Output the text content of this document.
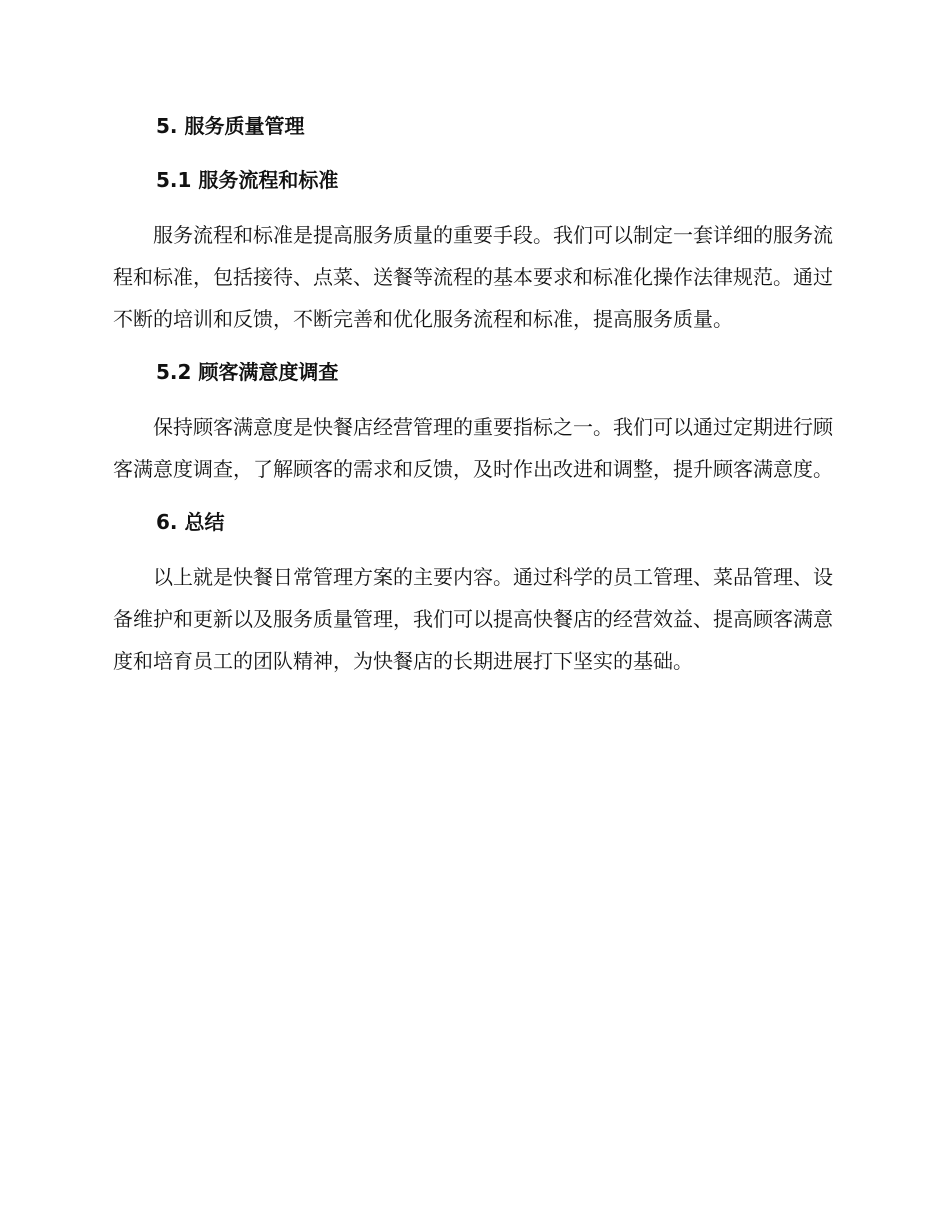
5. 服务质量管理
5.1 服务流程和标准

服务流程和标准是提高服务质量的重要手段。我们可以制定一套详细的服务流程和标准，包括接待、点菜、送餐等流程的基本要求和标准化操作法律规范。通过不断的培训和反馈，不断完善和优化服务流程和标准，提高服务质量。

5.2 顾客满意度调查

保持顾客满意度是快餐店经营管理的重要指标之一。我们可以通过定期进行顾客满意度调查，了解顾客的需求和反馈，及时作出改进和调整，提升顾客满意度。

6. 总结

以上就是快餐日常管理方案的主要内容。通过科学的员工管理、菜品管理、设备维护和更新以及服务质量管理，我们可以提高快餐店的经营效益、提高顾客满意度和培育员工的团队精神，为快餐店的长期进展打下坚实的基础。
